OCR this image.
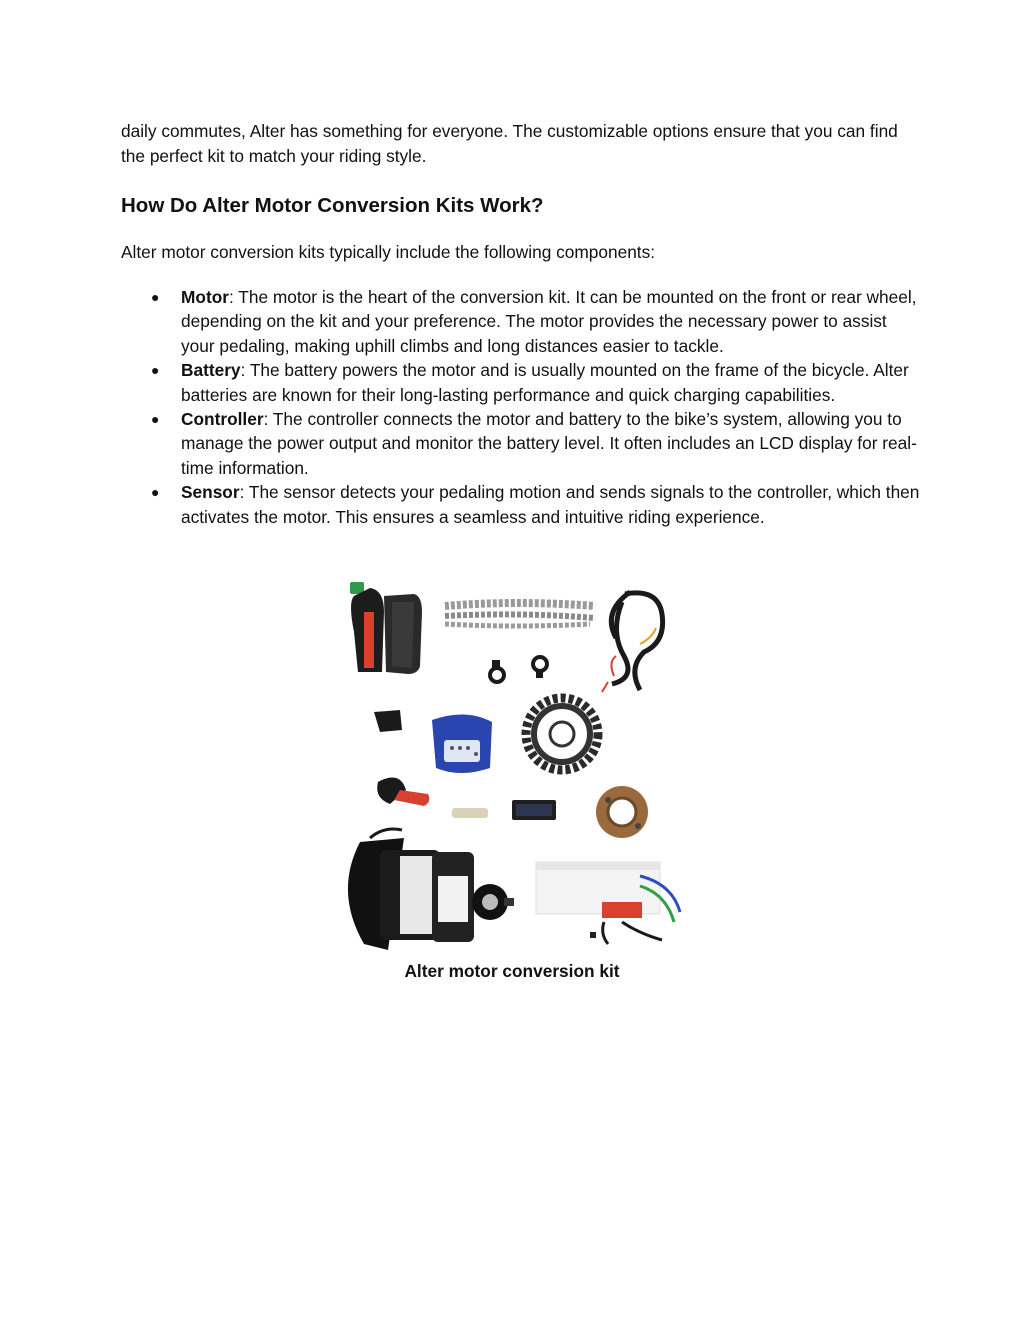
daily commutes, Alter has something for everyone. The customizable options ensure that you can find the perfect kit to match your riding style.

How Do Alter Motor Conversion Kits Work?

Alter motor conversion kits typically include the following components:

● Motor: The motor is the heart of the conversion kit. It can be mounted on the front or rear wheel, depending on the kit and your preference. The motor provides the necessary power to assist your pedaling, making uphill climbs and long distances easier to tackle.
● Battery: The battery powers the motor and is usually mounted on the frame of the bicycle. Alter batteries are known for their long-lasting performance and quick charging capabilities.
● Controller: The controller connects the motor and battery to the bike’s system, allowing you to manage the power output and monitor the battery level. It often includes an LCD display for real-time information.
● Sensor: The sensor detects your pedaling motion and sends signals to the controller, which then activates the motor. This ensures a seamless and intuitive riding experience.

Alter motor conversion kit
